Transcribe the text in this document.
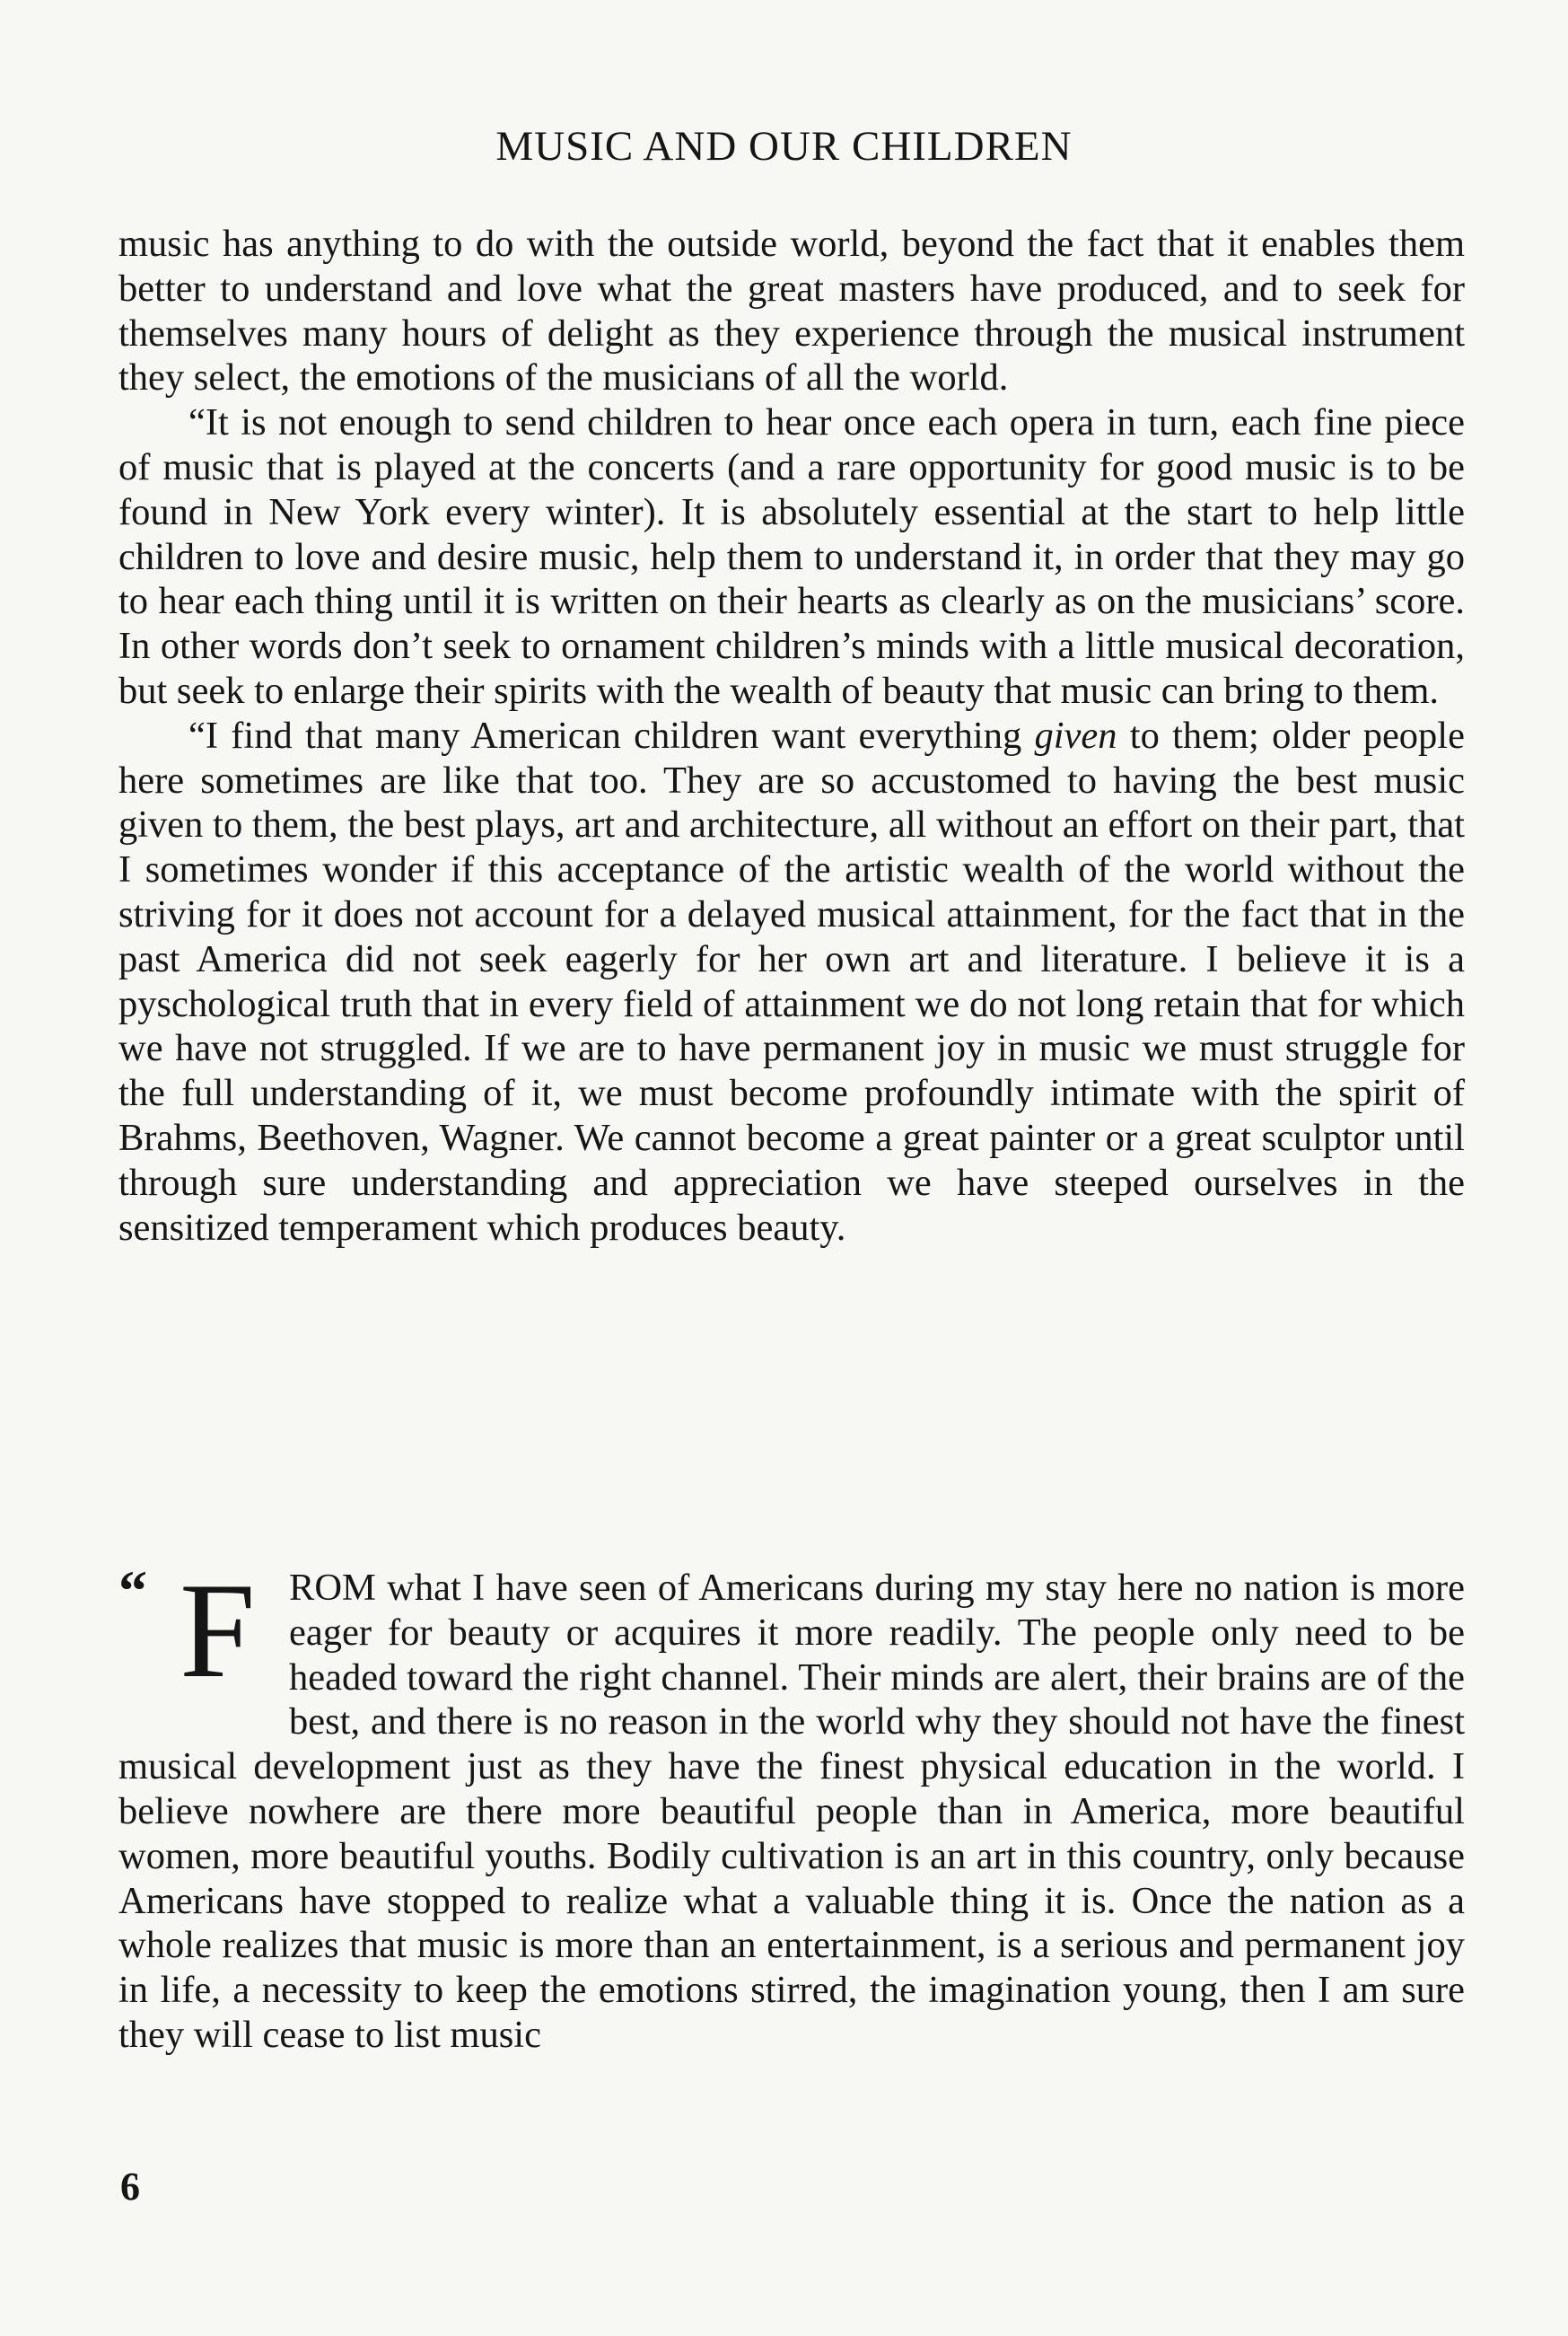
MUSIC AND OUR CHILDREN

music has anything to do with the outside world, beyond the fact that it enables them better to understand and love what the great masters have produced, and to seek for themselves many hours of delight as they experience through the musical instrument they select, the emotions of the musicians of all the world.

“It is not enough to send children to hear once each opera in turn, each fine piece of music that is played at the concerts (and a rare opportunity for good music is to be found in New York every winter). It is absolutely essential at the start to help little children to love and desire music, help them to understand it, in order that they may go to hear each thing until it is written on their hearts as clearly as on the musicians’ score. In other words don’t seek to ornament children’s minds with a little musical decoration, but seek to enlarge their spirits with the wealth of beauty that music can bring to them.

“I find that many American children want everything given to them; older people here sometimes are like that too. They are so accustomed to having the best music given to them, the best plays, art and architecture, all without an effort on their part, that I sometimes wonder if this acceptance of the artistic wealth of the world without the striving for it does not account for a delayed musical attainment, for the fact that in the past America did not seek eagerly for her own art and literature. I believe it is a pyschological truth that in every field of attainment we do not long retain that for which we have not struggled. If we are to have permanent joy in music we must struggle for the full understanding of it, we must become profoundly intimate with the spirit of Brahms, Beethoven, Wagner. We cannot become a great painter or a great sculptor until through sure understanding and appreciation we have steeped ourselves in the sensitized temperament which produces beauty.

“ F ROM what I have seen of Americans during my stay here no nation is more eager for beauty or acquires it more readily. The people only need to be headed toward the right channel. Their minds are alert, their brains are of the best, and there is no reason in the world why they should not have the finest musical development just as they have the finest physical education in the world. I believe nowhere are there more beautiful people than in America, more beautiful women, more beautiful youths. Bodily cultivation is an art in this country, only because Americans have stopped to realize what a valuable thing it is. Once the nation as a whole realizes that music is more than an entertainment, is a serious and permanent joy in life, a necessity to keep the emotions stirred, the imagination young, then I am sure they will cease to list music

6
